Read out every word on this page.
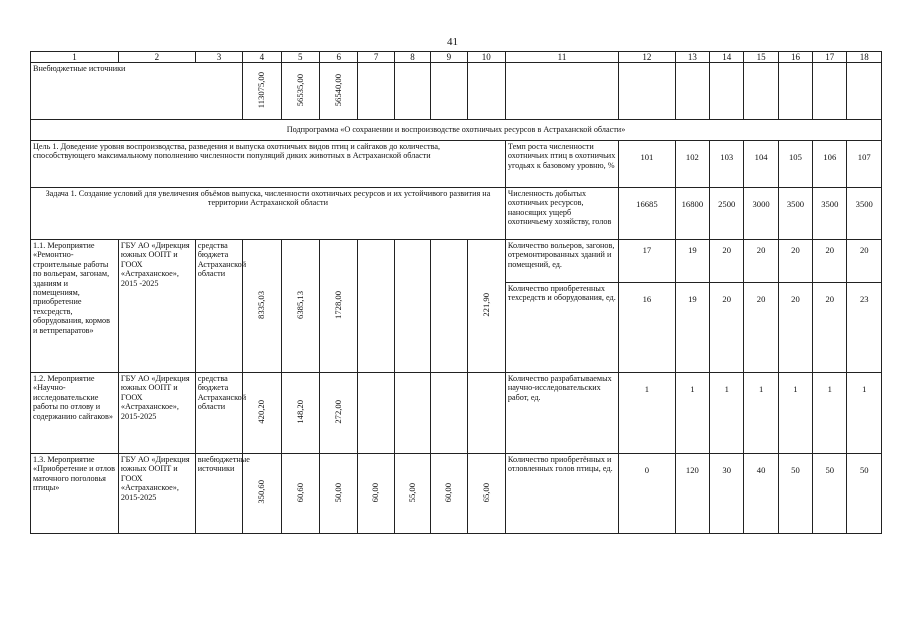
41
1	2	3	4	5	6	7	8	9	10	11	12	13	14	15	16	17	18
Внебюджетные источники			113075,00	56535,00	56540,00												
Подпрограмма «О сохранении и воспроизводстве охотничьих ресурсов в Астраханской области»																	
Цель 1. Доведение уровня воспроизводства, разведения и выпуска охотничьих видов птиц и сайгаков до количества, способствующего максимальному пополнению численности популяций диких животных в Астраханской области										Темп роста численности охотничьих птиц в охотничьих угодьях к базовому уровню, %	101	102	103	104	105	106	107
Задача 1. Создание условий для увеличения объёмов выпуска, численности охотничьих ресурсов и их устойчивого развития на территории Астраханской области										Численность добытых охотничьих ресурсов, наносящих ущерб охотничьему хозяйству, голов	16685	16800	2500	3000	3500	3500	3500
1.1. Мероприятие «Ремонтно-строительные работы по вольерам, загонам, зданиям и помещениям, приобретение техсредств, оборудования, кормов и ветпрепаратов»	ГБУ АО «Дирекция южных ООПТ и ГООХ «Астраханское», 2015 -2025	средства бюджета Астраханской области	8335,03	6385,13	1728,00				221,90	Количество вольеров, загонов, отремонтированных зданий и помещений, ед.	17	19	20	20	20	20	20
										Количество приобретенных техсредств и оборудования, ед.	16	19	20	20	20	20	23
1.2. Мероприятие «Научно-исследовательские работы по отлову и содержанию сайгаков»	ГБУ АО «Дирекция южных ООПТ и ГООХ «Астраханское», 2015-2025	средства бюджета Астраханской области	420,20	148,20	272,00					Количество разрабатываемых научно-исследовательских работ, ед.	1	1	1	1	1	1	1
1.3. Мероприятие «Приобретение и отлов маточного поголовья птицы»	ГБУ АО «Дирекция южных ООПТ и ГООХ «Астраханское», 2015-2025	внебюджетные источники	350,60	60,60	50,00	60,00	55,00	60,00	65,00	Количество приобретённых и отловленных голов птицы, ед.	0	120	30	40	50	50	50
